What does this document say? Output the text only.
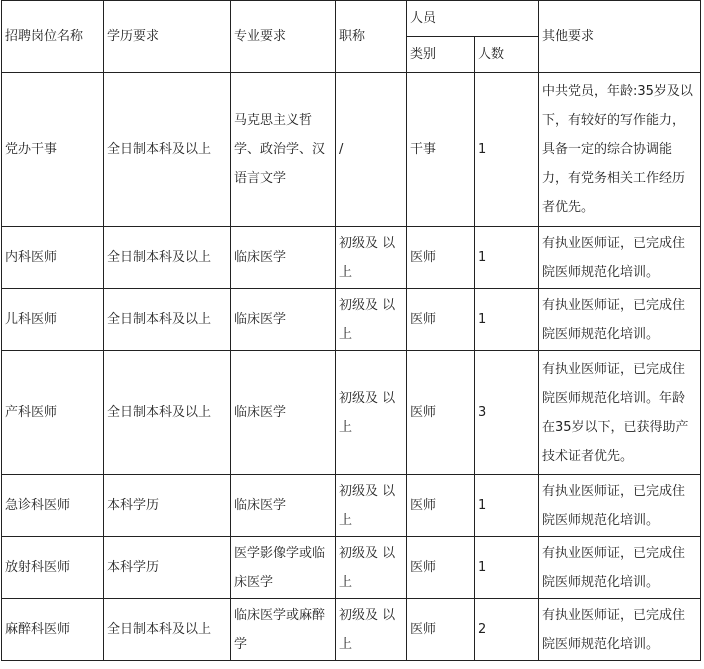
招聘岗位名称	学历要求	专业要求	职称	人员		其他要求
				类别	人数	
党办干事	全日制本科及以上	马克思主义哲学、政治学、汉语言文学	/	干事	1	中共党员，年龄:35岁及以下，有较好的写作能力，具备一定的综合协调能力，有党务相关工作经历者优先。
内科医师	全日制本科及以上	临床医学	初级及 以上	医师	1	有执业医师证，已完成住院医师规范化培训。
儿科医师	全日制本科及以上	临床医学	初级及 以上	医师	1	有执业医师证，已完成住院医师规范化培训。
产科医师	全日制本科及以上	临床医学	初级及 以上	医师	3	有执业医师证，已完成住院医师规范化培训。年龄在35岁以下，已获得助产技术证者优先。
急诊科医师	本科学历	临床医学	初级及 以上	医师	1	有执业医师证，已完成住院医师规范化培训。
放射科医师	本科学历	医学影像学或临床医学	初级及 以上	医师	1	有执业医师证，已完成住院医师规范化培训。
麻醉科医师	全日制本科及以上	临床医学或麻醉学	初级及 以上	医师	2	有执业医师证，已完成住院医师规范化培训。
